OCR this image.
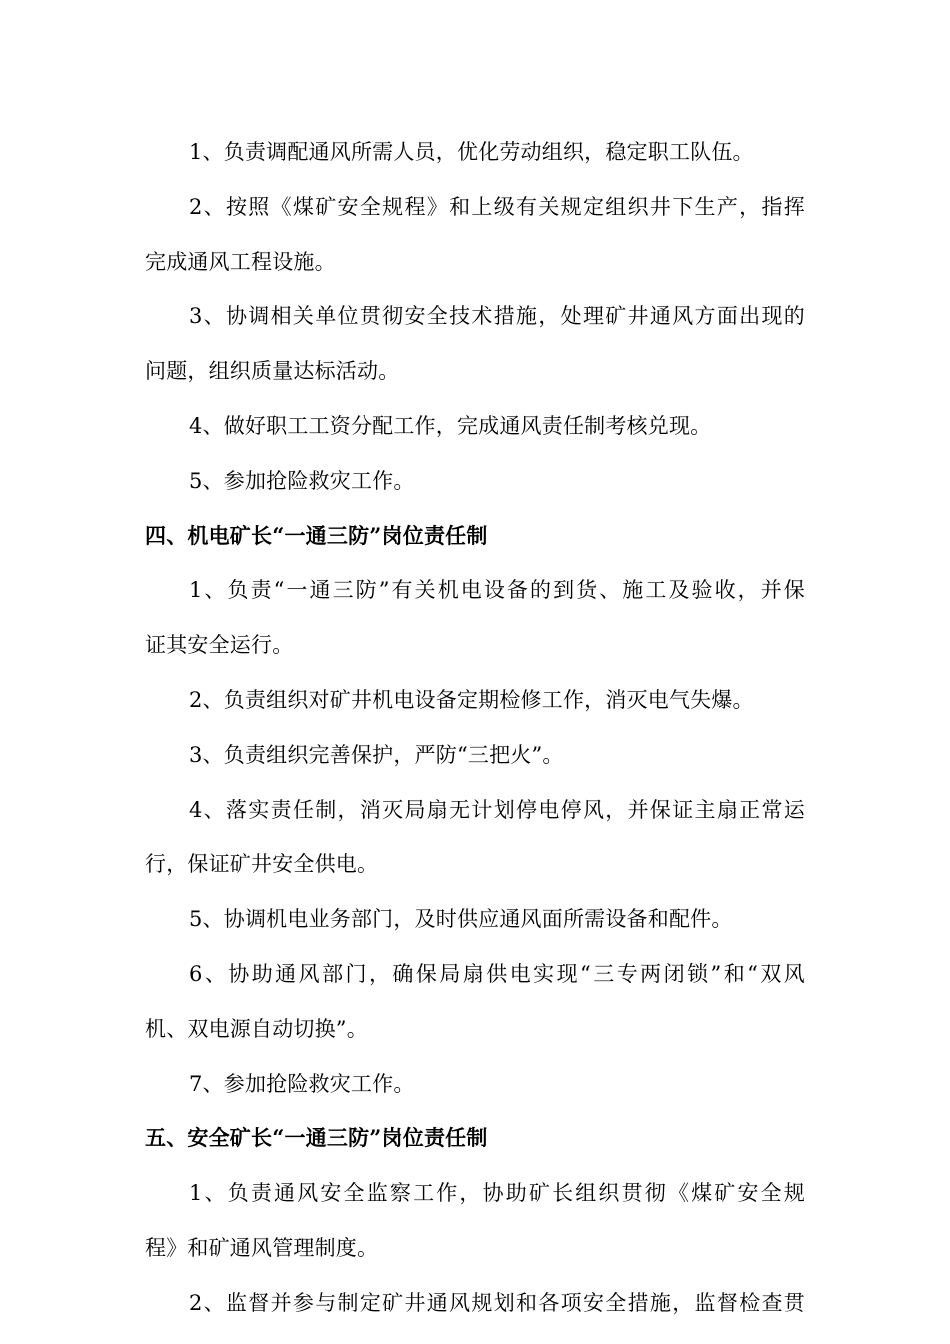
1、负责调配通风所需人员，优化劳动组织，稳定职工队伍。
2、按照《煤矿安全规程》和上级有关规定组织井下生产，指挥
完成通风工程设施。
3、协调相关单位贯彻安全技术措施，处理矿井通风方面出现的
问题，组织质量达标活动。
4、做好职工工资分配工作，完成通风责任制考核兑现。
5、参加抢险救灾工作。
四、机电矿长“一通三防”岗位责任制
1、负责“一通三防”有关机电设备的到货、施工及验收，并保
证其安全运行。
2、负责组织对矿井机电设备定期检修工作，消灭电气失爆。
3、负责组织完善保护，严防“三把火”。
4、落实责任制，消灭局扇无计划停电停风，并保证主扇正常运
行，保证矿井安全供电。
5、协调机电业务部门，及时供应通风面所需设备和配件。
6、协助通风部门，确保局扇供电实现“三专两闭锁”和“双风
机、双电源自动切换”。
7、参加抢险救灾工作。
五、安全矿长“一通三防”岗位责任制
1、负责通风安全监察工作，协助矿长组织贯彻《煤矿安全规
程》和矿通风管理制度。
2、监督并参与制定矿井通风规划和各项安全措施，监督检查贯
